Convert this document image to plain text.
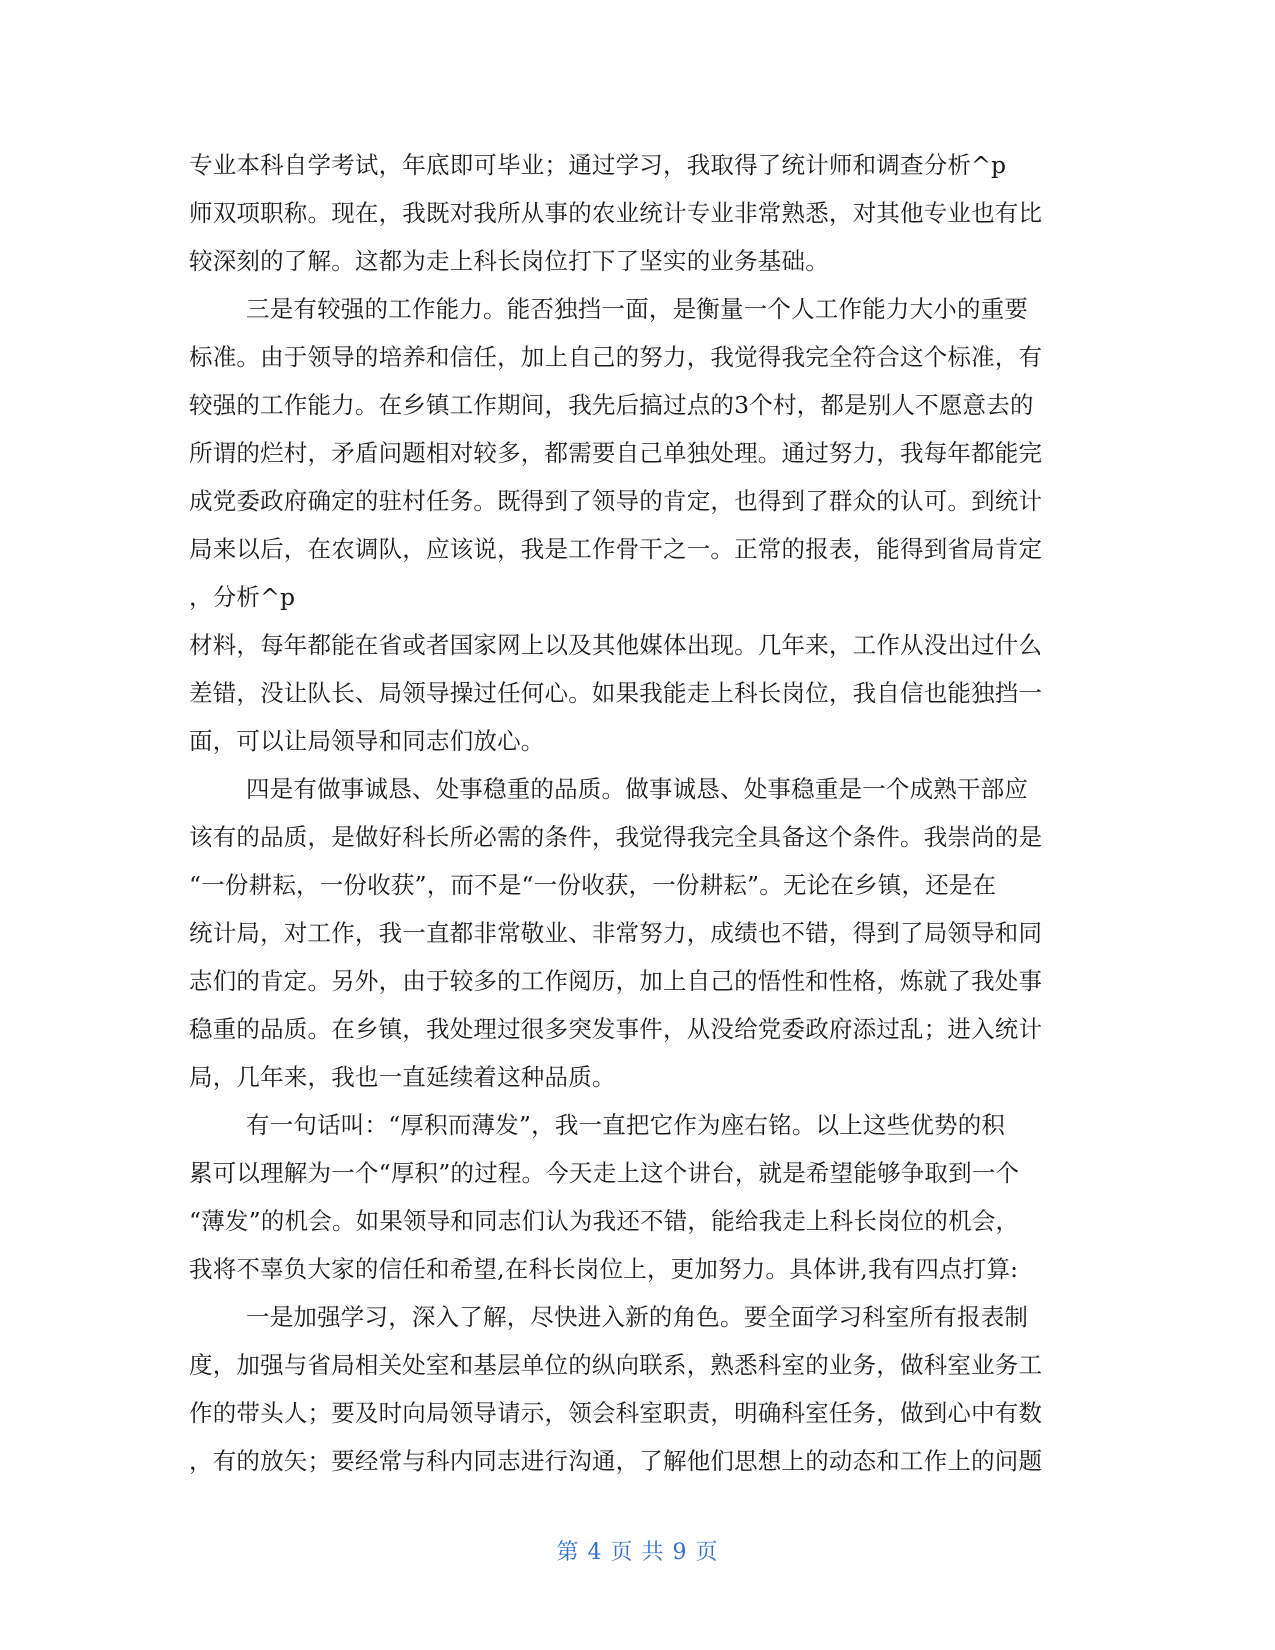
专业本科自学考试，年底即可毕业；通过学习，我取得了统计师和调查分析^p
师双项职称。现在，我既对我所从事的农业统计专业非常熟悉，对其他专业也有比
较深刻的了解。这都为走上科长岗位打下了坚实的业务基础。
三是有较强的工作能力。能否独挡一面，是衡量一个人工作能力大小的重要
标准。由于领导的培养和信任，加上自己的努力，我觉得我完全符合这个标准，有
较强的工作能力。在乡镇工作期间，我先后搞过点的3个村，都是别人不愿意去的
所谓的烂村，矛盾问题相对较多，都需要自己单独处理。通过努力，我每年都能完
成党委政府确定的驻村任务。既得到了领导的肯定，也得到了群众的认可。到统计
局来以后，在农调队，应该说，我是工作骨干之一。正常的报表，能得到省局肯定
，分析^p
材料，每年都能在省或者国家网上以及其他媒体出现。几年来，工作从没出过什么
差错，没让队长、局领导操过任何心。如果我能走上科长岗位，我自信也能独挡一
面，可以让局领导和同志们放心。
四是有做事诚恳、处事稳重的品质。做事诚恳、处事稳重是一个成熟干部应
该有的品质，是做好科长所必需的条件，我觉得我完全具备这个条件。我崇尚的是
“一份耕耘，一份收获”，而不是“一份收获，一份耕耘”。无论在乡镇，还是在
统计局，对工作，我一直都非常敬业、非常努力，成绩也不错，得到了局领导和同
志们的肯定。另外，由于较多的工作阅历，加上自己的悟性和性格，炼就了我处事
稳重的品质。在乡镇，我处理过很多突发事件，从没给党委政府添过乱；进入统计
局，几年来，我也一直延续着这种品质。
有一句话叫：“厚积而薄发”，我一直把它作为座右铭。以上这些优势的积
累可以理解为一个“厚积”的过程。今天走上这个讲台，就是希望能够争取到一个
“薄发”的机会。如果领导和同志们认为我还不错，能给我走上科长岗位的机会，
我将不辜负大家的信任和希望,在科长岗位上，更加努力。具体讲,我有四点打算:
一是加强学习，深入了解，尽快进入新的角色。要全面学习科室所有报表制
度，加强与省局相关处室和基层单位的纵向联系，熟悉科室的业务，做科室业务工
作的带头人；要及时向局领导请示，领会科室职责，明确科室任务，做到心中有数
，有的放矢；要经常与科内同志进行沟通，了解他们思想上的动态和工作上的问题
第 4 页 共 9 页
